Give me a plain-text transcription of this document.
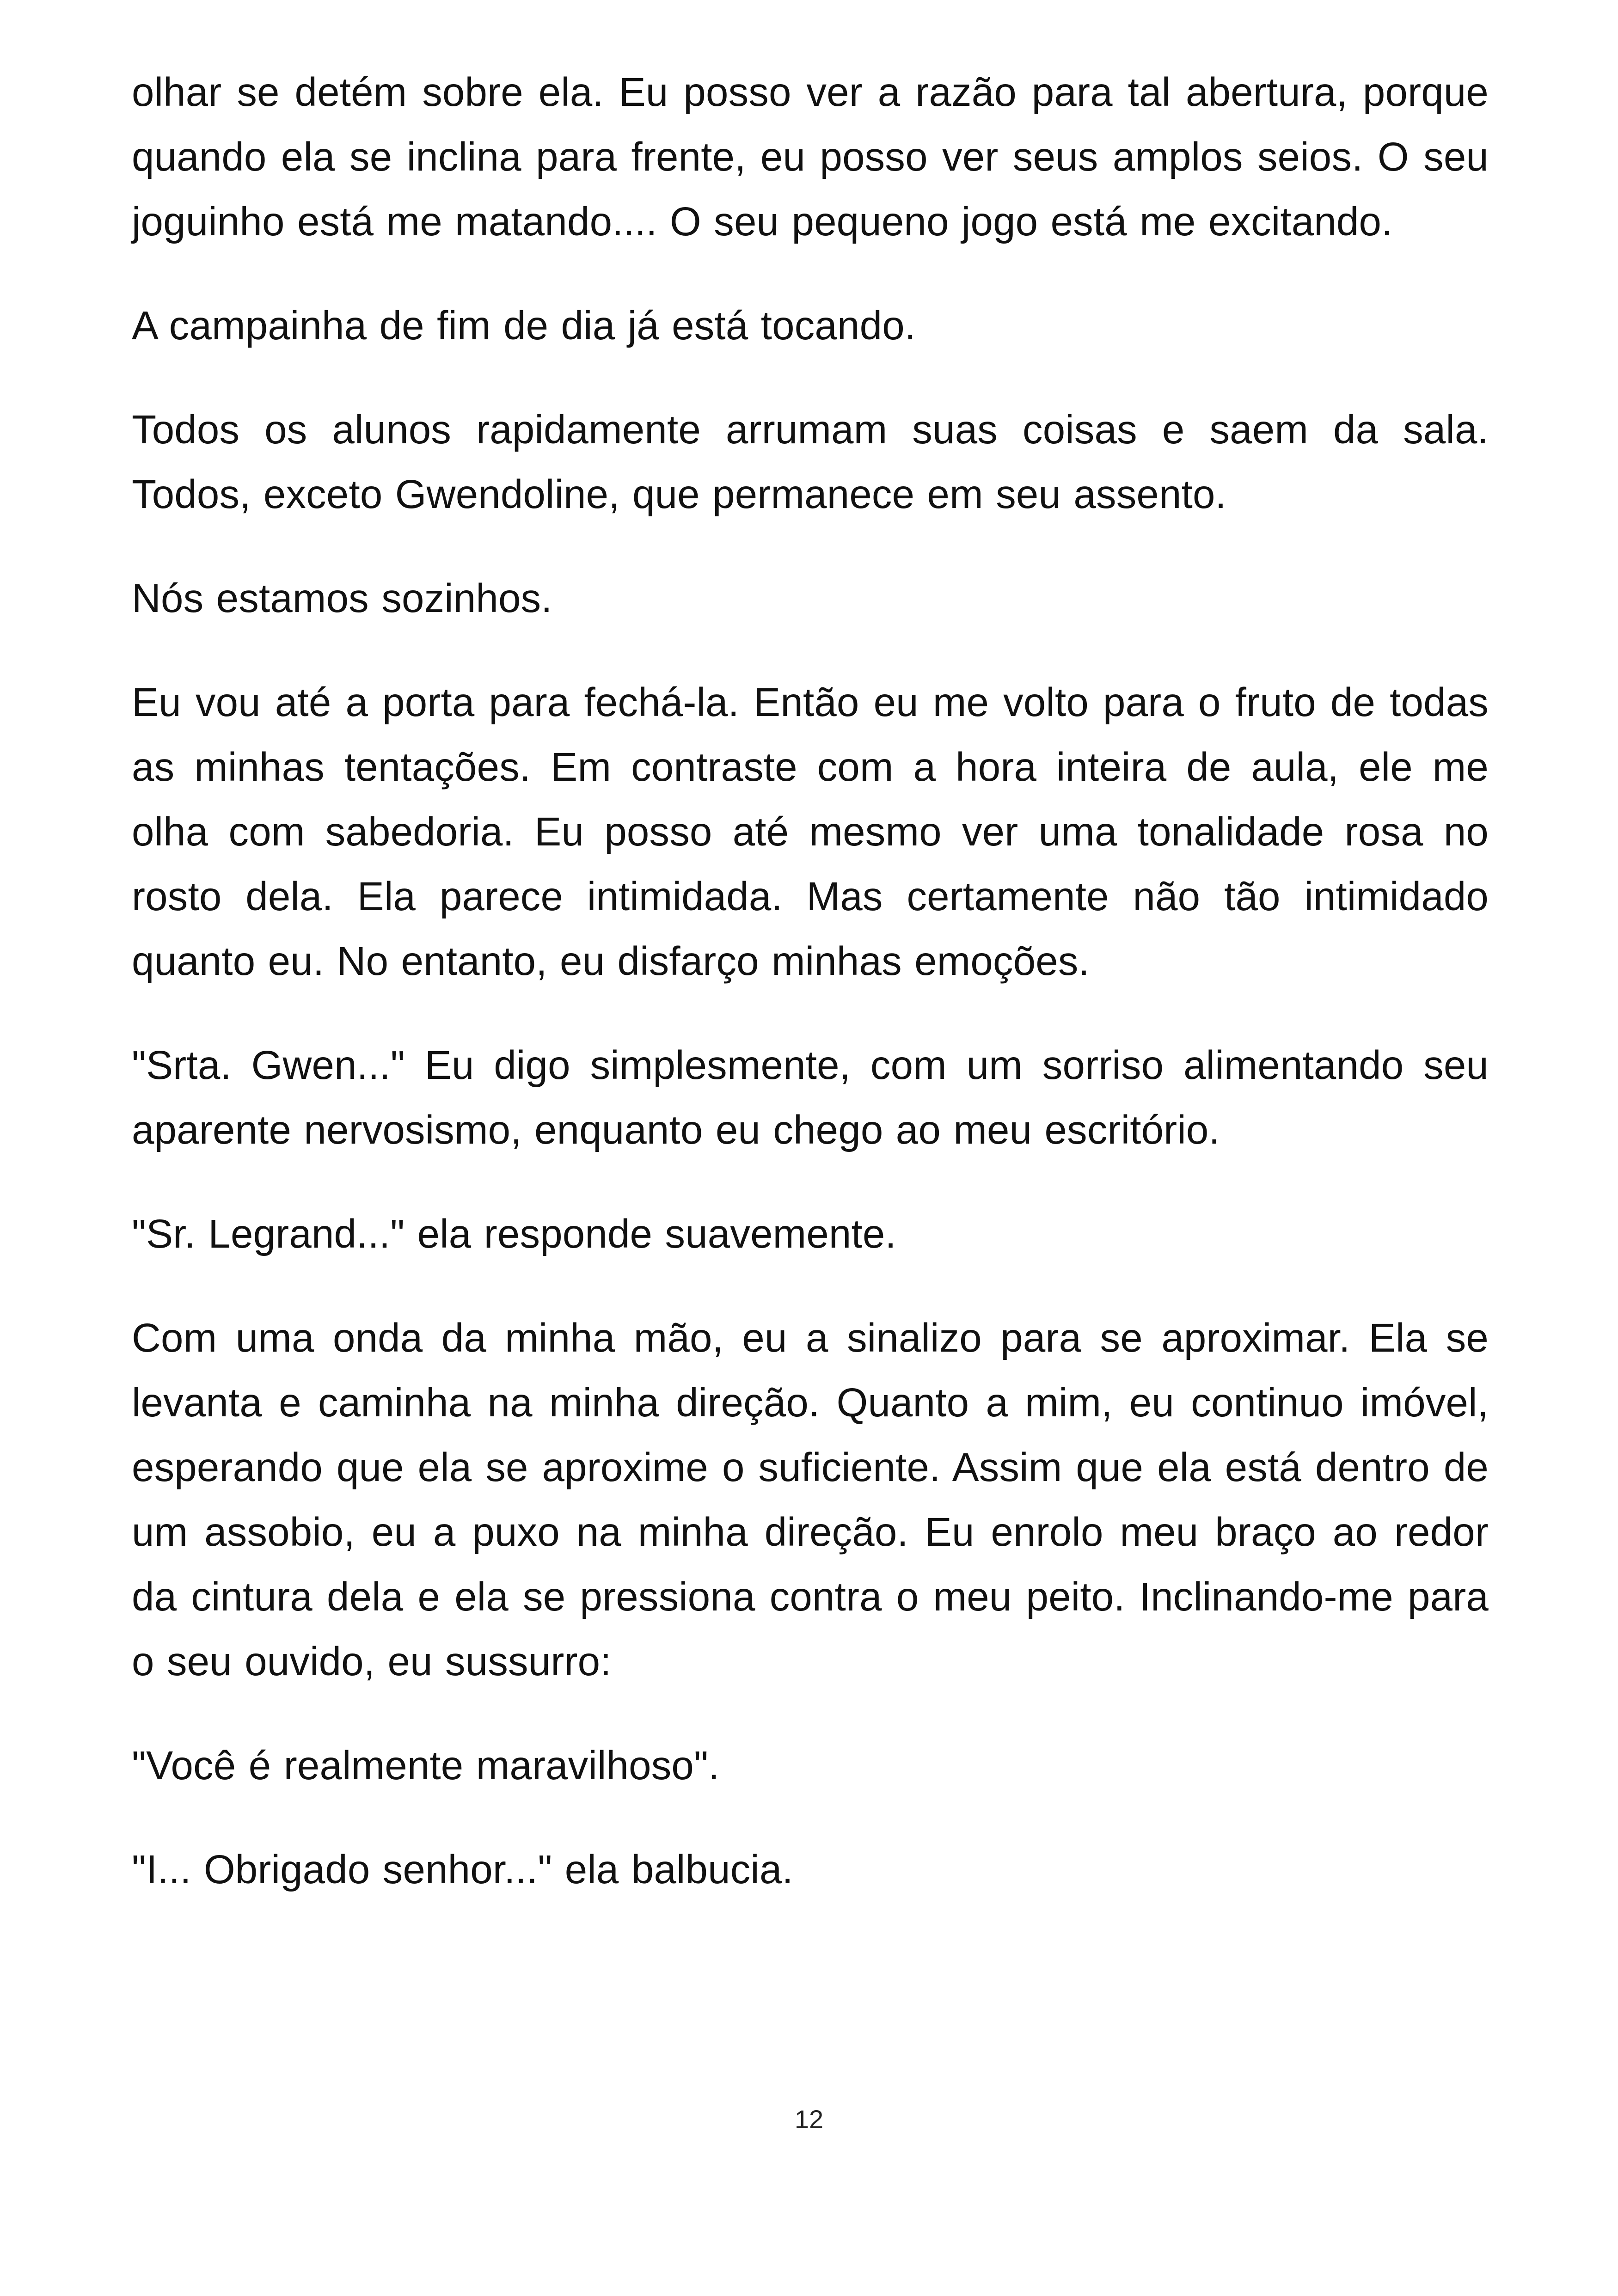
olhar se detém sobre ela. Eu posso ver a razão para tal abertura, porque quando ela se inclina para frente, eu posso ver seus amplos seios. O seu joguinho está me matando.... O seu pequeno jogo está me excitando.

A campainha de fim de dia já está tocando.

Todos os alunos rapidamente arrumam suas coisas e saem da sala. Todos, exceto Gwendoline, que permanece em seu assento.

Nós estamos sozinhos.

Eu vou até a porta para fechá-la. Então eu me volto para o fruto de todas as minhas tentações. Em contraste com a hora inteira de aula, ele me olha com sabedoria. Eu posso até mesmo ver uma tonalidade rosa no rosto dela. Ela parece intimidada. Mas certamente não tão intimidado quanto eu. No entanto, eu disfarço minhas emoções.

"Srta. Gwen..." Eu digo simplesmente, com um sorriso alimentando seu aparente nervosismo, enquanto eu chego ao meu escritório.

"Sr. Legrand..." ela responde suavemente.

Com uma onda da minha mão, eu a sinalizo para se aproximar. Ela se levanta e caminha na minha direção. Quanto a mim, eu continuo imóvel, esperando que ela se aproxime o suficiente. Assim que ela está dentro de um assobio, eu a puxo na minha direção. Eu enrolo meu braço ao redor da cintura dela e ela se pressiona contra o meu peito. Inclinando-me para o seu ouvido, eu sussurro:

"Você é realmente maravilhoso".

"I... Obrigado senhor..." ela balbucia.

12
